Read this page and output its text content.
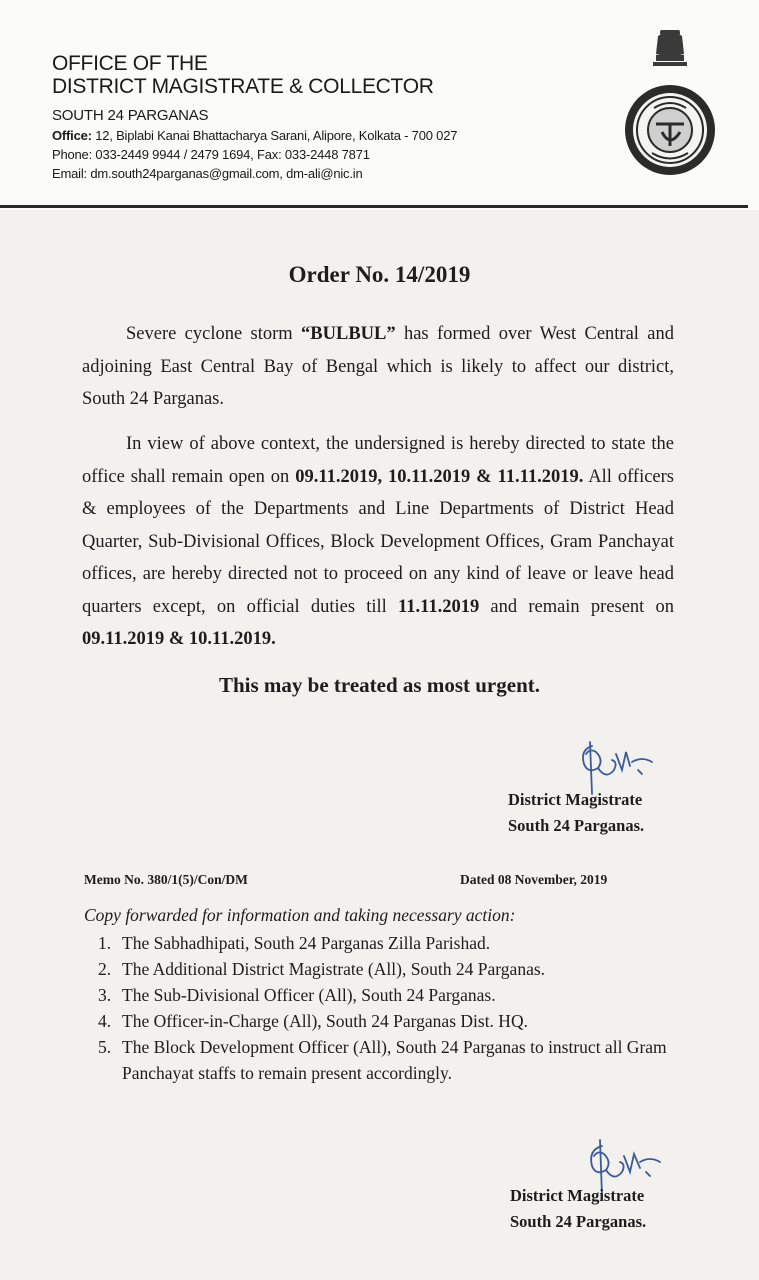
OFFICE OF THE
DISTRICT MAGISTRATE & COLLECTOR
SOUTH 24 PARGANAS
Office: 12, Biplabi Kanai Bhattacharya Sarani, Alipore, Kolkata - 700 027
Phone: 033-2449 9944 / 2479 1694, Fax: 033-2448 7871
Email: dm.south24parganas@gmail.com, dm-ali@nic.in
Order No. 14/2019
Severe cyclone storm “BULBUL” has formed over West Central and adjoining East Central Bay of Bengal which is likely to affect our district, South 24 Parganas.
In view of above context, the undersigned is hereby directed to state the office shall remain open on 09.11.2019, 10.11.2019 & 11.11.2019. All officers & employees of the Departments and Line Departments of District Head Quarter, Sub-Divisional Offices, Block Development Offices, Gram Panchayat offices, are hereby directed not to proceed on any kind of leave or leave head quarters except, on official duties till 11.11.2019 and remain present on 09.11.2019 & 10.11.2019.
This may be treated as most urgent.
District Magistrate
South 24 Parganas.
Memo No. 380/1(5)/Con/DM	Dated 08 November, 2019
Copy forwarded for information and taking necessary action:
1. The Sabhadhipati, South 24 Parganas Zilla Parishad.
2. The Additional District Magistrate (All), South 24 Parganas.
3. The Sub-Divisional Officer (All), South 24 Parganas.
4. The Officer-in-Charge (All), South 24 Parganas Dist. HQ.
5. The Block Development Officer (All), South 24 Parganas to instruct all Gram Panchayat staffs to remain present accordingly.
District Magistrate
South 24 Parganas.
